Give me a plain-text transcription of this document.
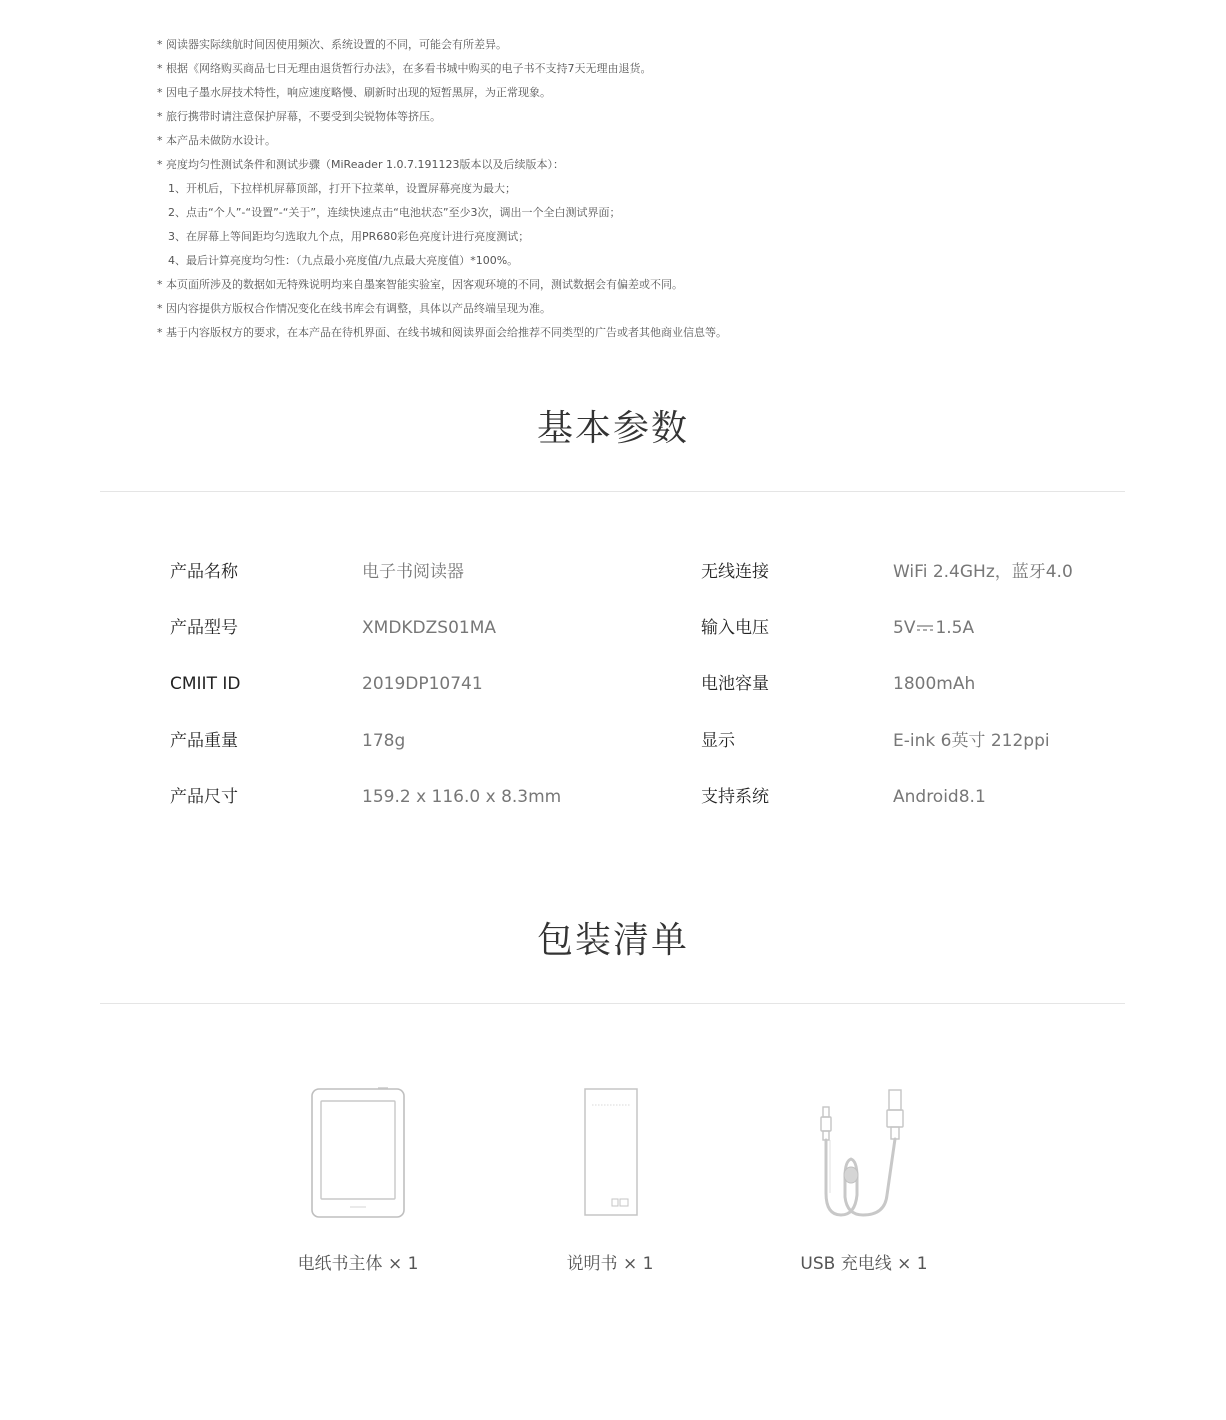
* 阅读器实际续航时间因使用频次、系统设置的不同，可能会有所差异。
* 根据《网络购买商品七日无理由退货暂行办法》，在多看书城中购买的电子书不支持7天无理由退货。
* 因电子墨水屏技术特性，响应速度略慢、刷新时出现的短暂黑屏，为正常现象。
* 旅行携带时请注意保护屏幕，不要受到尖锐物体等挤压。
* 本产品未做防水设计。
* 亮度均匀性测试条件和测试步骤（MiReader 1.0.7.191123版本以及后续版本）：
1、开机后，下拉样机屏幕顶部，打开下拉菜单，设置屏幕亮度为最大；
2、点击“个人”-“设置”-“关于”，连续快速点击“电池状态”至少3次，调出一个全白测试界面；
3、在屏幕上等间距均匀选取九个点，用PR680彩色亮度计进行亮度测试；
4、最后计算亮度均匀性：（九点最小亮度值/九点最大亮度值）*100%。
* 本页面所涉及的数据如无特殊说明均来自墨案智能实验室，因客观环境的不同，测试数据会有偏差或不同。
* 因内容提供方版权合作情况变化在线书库会有调整，具体以产品终端呈现为准。
* 基于内容版权方的要求，在本产品在待机界面、在线书城和阅读界面会给推荐不同类型的广告或者其他商业信息等。
基本参数
产品名称	电子书阅读器	无线连接	WiFi 2.4GHz，蓝牙4.0
产品型号	XMDKDZS01MA	输入电压	5V 1.5A
CMIIT ID	2019DP10741	电池容量	1800mAh
产品重量	178g	显示	E-ink 6英寸 212ppi
产品尺寸	159.2 x 116.0 x 8.3mm	支持系统	Android8.1
包装清单
电纸书主体 × 1	说明书 × 1	USB 充电线 × 1
